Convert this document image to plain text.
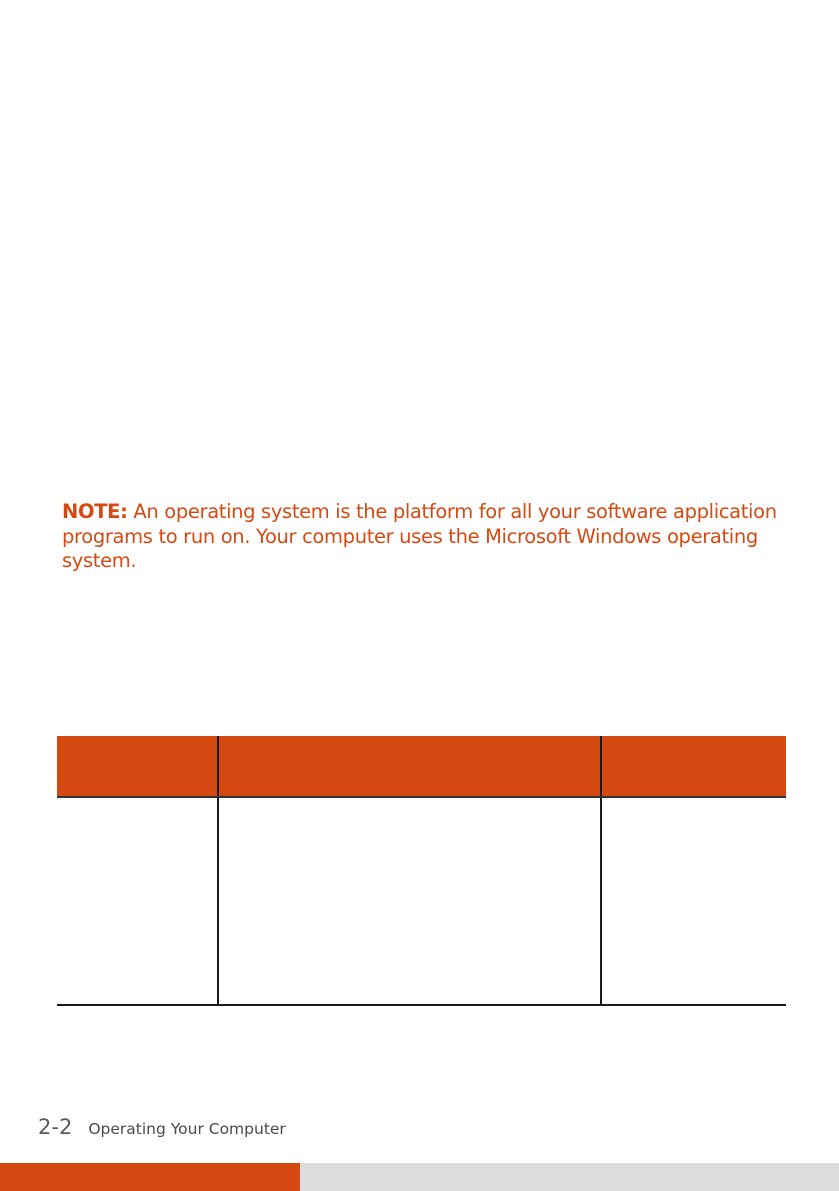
NOTE: An operating system is the platform for all your software application programs to run on. Your computer uses the Microsoft Windows operating system.

2-2 Operating Your Computer
